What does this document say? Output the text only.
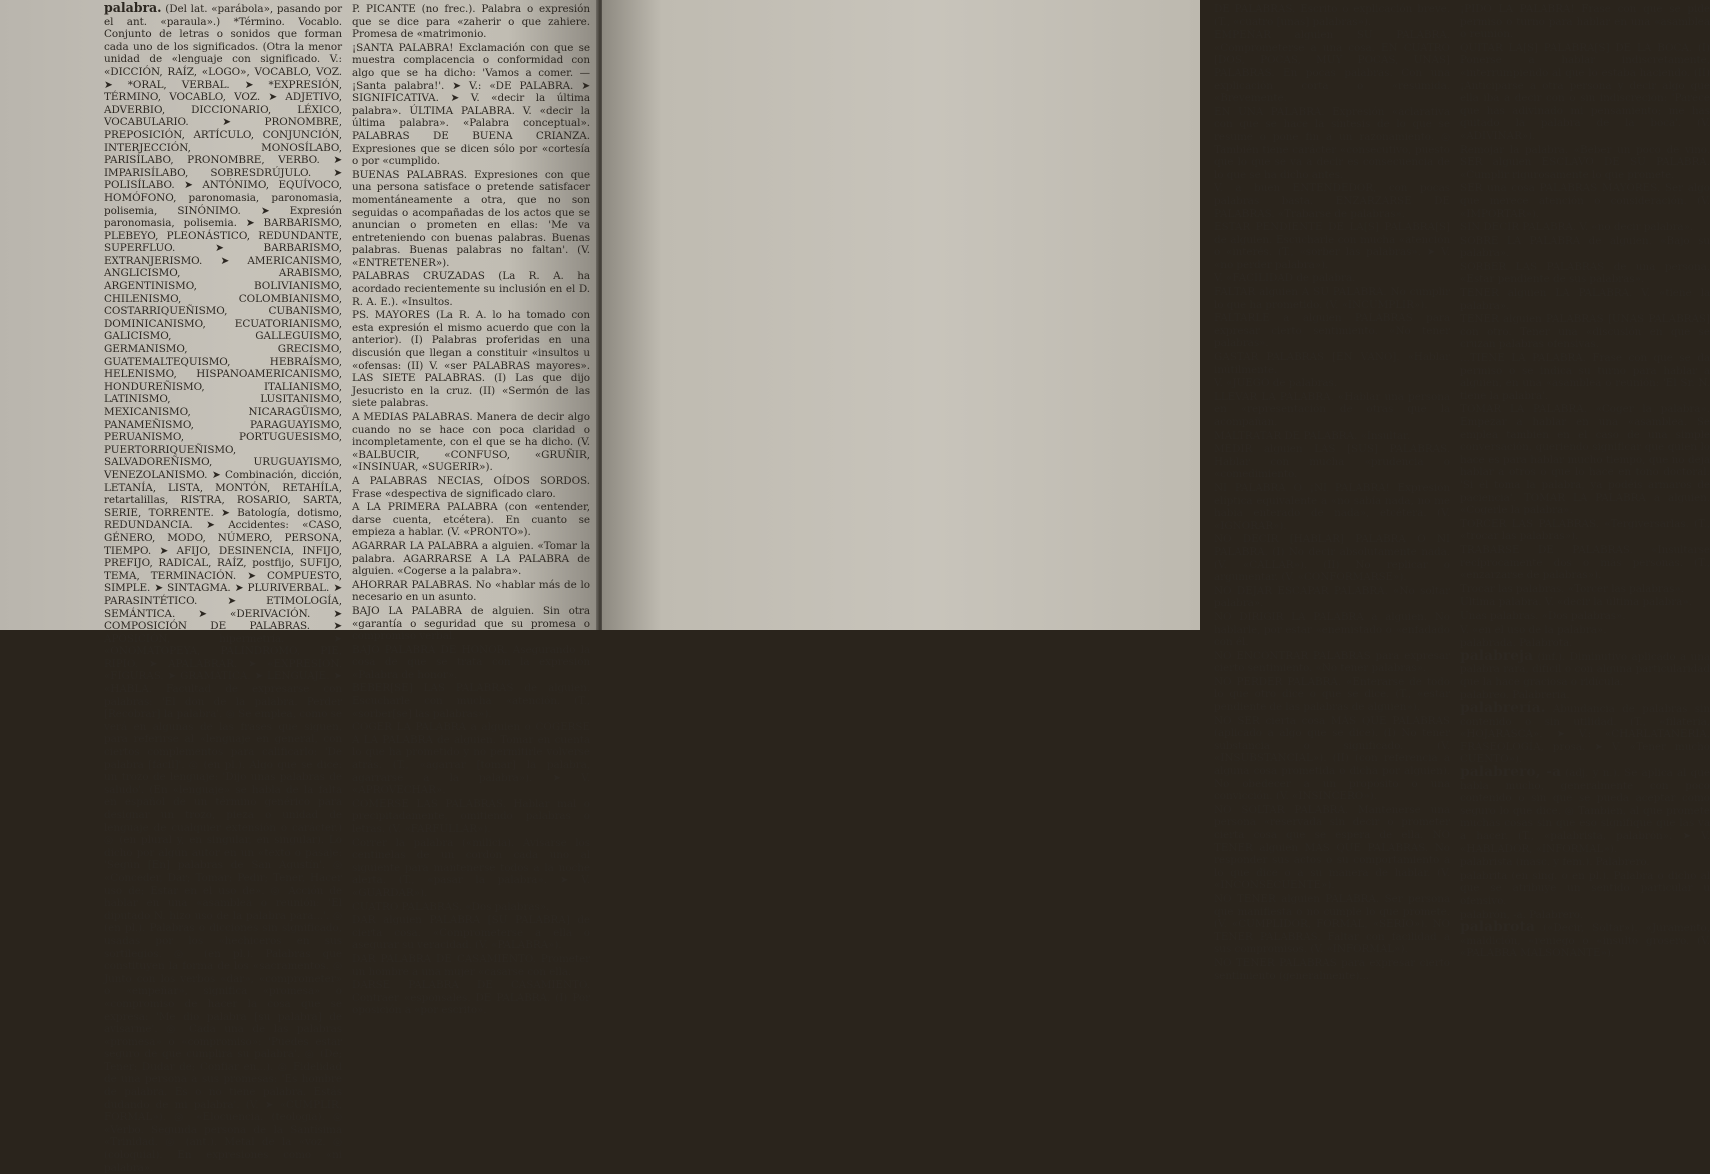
palabra. (Del lat. «parábola», pasando por el ant. «paraula».) *Término. Vocablo. Conjunto de letras o sonidos que forman cada uno de los significados. (Otra la menor unidad de «lenguaje con significado. V.: «DICCIÓN, RAÍZ, «LOGO», VOCABLO, VOZ. ➤ *ORAL, VERBAL. ➤ *EXPRESIÓN, TÉRMINO, VOCABLO, VOZ. ➤ ADJETIVO, ADVERBIO, DICCIONARIO, LÉXICO, VOCABULARIO. ➤ PRONOMBRE, PREPOSICIÓN, ARTÍCULO, CONJUNCIÓN, INTERJECCIÓN, MONOSÍLABO, PARISÍLABO, PRONOMBRE, VERBO. ➤ IMPARISÍLABO, SOBRESDRÚJULO. ➤ POLISÍLABO. ➤ ANTÓNIMO, EQUÍVOCO, HOMÓFONO, paronomasia, paronomasia, polisemia, SINÓNIMO. ➤ Expresión paronomasia, polisemia. ➤ BARBARISMO, PLEBEYO, PLEONÁSTICO, REDUNDANTE, SUPERFLUO. ➤ BARBARISMO, EXTRANJERISMO. ➤ AMERICANISMO, ANGLICISMO, ARABISMO, ARGENTINISMO, BOLIVIANISMO, CHILENISMO, COLOMBIANISMO, COSTARRIQUEÑISMO, CUBANISMO, DOMINICANISMO, ECUATORIANISMO, GALICISMO, GALLEGUISMO, GERMANISMO, GRECISMO, GUATEMALTEQUISMO, HEBRAÍSMO, HELENISMO, HISPANOAMERICANISMO, HONDUREÑISMO, ITALIANISMO, LATINISMO, LUSITANISMO, MEXICANISMO, NICARAGÜISMO, PANAMEÑISMO, PARAGUAYISMO, PERUANISMO, PORTUGUESISMO, PUERTORRIQUEÑISMO, SALVADOREÑISMO, URUGUAYISMO, VENEZOLANISMO. ➤ Combinación, dicción, LETANÍA, LISTA, MONTÓN, RETAHÍLA, retartalillas, RISTRA, ROSARIO, SARTA, SERIE, TORRENTE. ➤ Batología, dotismo, REDUNDANCIA. ➤ Accidentes: «CASO, GÉNERO, MODO, NÚMERO, PERSONA, TIEMPO. ➤ AFIJO, DESINENCIA, INFIJO, PREFIJO, RADICAL, RAÍZ, postfijo, SUFIJO, TEMA, TERMINACIÓN. ➤ COMPUESTO, SIMPLE. ➤ SINTAGMA. ➤ PLURIVERBAL. ➤ PARASINTÉTICO. ➤ ETIMOLOGÍA, SEMÁNTICA. ➤ «DERIVACIÓN. ➤ COMPOSICIÓN DE PALABRAS. ➤ APOSICIÓN, hipermetría. ➤ «ONOMATOPEYA, PALÍNDROMO, PIE, RIPIO. ➤ APALABRAR. ➤ «EXPRESIÓN. «FIGURAS. ➤ GRAMÁTICA. ➤ LENGUAJE. ➤ «HABLA. Facultad de expresarse con palabras: 'El don de la palabra. Perder [Recobrar] la palabra'. ◎ Se emplea, como se verá en algunas de las frases que siguen, para referirse al «lenguaje en general, con ciertos complementos para calificarlo: 'De palabra [fácil]'. ◎ (en pl.). Algo que se dice: un trozo de lenguaje: 'Dijo unas palabras de saludo'. (En «lenguaje» se habla de la falta en español de un término genérico para designar un trozo, pieza o unidad de lenguaje de cualquier extensión o carácter.) ◎ (en plural y, en singular, en singular). Lo dicho por algún autor en un «texto o pasaje: 'Según [En] palabras de San Agustín'. ◎ «Conceder, Dar; Tomar; Pedir; Tener, Hacer uso de; Estar en el uso de». ◎ Acción de hablar en una «asamblea o reunión: 'El diputado N. hizo uso de la palabra para...'. ◎ (en pl.). Palabras o dicciones sin significado, usadas por los «hechiceros en sus sortilegios. ◎ (en pl.). Palabras que constituyen la forma de los «sacramentos. ◎ Junto con los verbos «dar», «comprometer» o «empeñar», significa «promesa» o «compromiso de hacer la cosa que se expresa: 'Me dio palabra [su palabra] de avisarme'. ◎ Cada una de las palabras «promesa» o «compromiso»: 'Puedes estar seguro de que cumplirá su palabra'. ◎ (De; Tener; Dudar de; Confiar en...). ◎ Fidelidad de una persona a sus promesas: 'Es hombre de palabra. Es o no tiene palabra. Estás dudando de mi palabra'. (V. ➤ «CUMPLIR, FORMAL»). ◎ «Elocuencia. (teología). ◎ «Verbo. Segunda persona de la Santísima «Trinidad. ◎ (ant.). Metal de la «voz. ◎ (coloquial). En expresiones como «ni palabra».

P. PICANTE (no frec.). Palabra o expresión que se dice para «zaherir o que zahiere. Promesa de «matrimonio.

¡SANTA PALABRA! Exclamación con que se muestra complacencia o conformidad con algo que se ha dicho: 'Vamos a comer. —¡Santa palabra!'. ➤ V.: «DE PALABRA. ➤ SIGNIFICATIVA. ➤ V. «decir la última palabra». ÚLTIMA PALABRA. V. «decir la última palabra». «Palabra conceptual». PALABRAS DE BUENA CRIANZA. Expresiones que se dicen sólo por «cortesía o por «cumplido.

BUENAS PALABRAS. Expresiones con que una persona satisface o pretende satisfacer momentáneamente a otra, que no son seguidas o acompañadas de los actos que se anuncian o prometen en ellas: 'Me va entreteniendo con buenas palabras. Buenas palabras. Buenas palabras no faltan'. (V. «ENTRETENER»).

PALABRAS CRUZADAS (La R. A. ha acordado recientemente su inclusión en el D. R. A. E.). «Insultos.

PS. MAYORES (La R. A. lo ha tomado con esta expresión el mismo acuerdo que con la anterior). (I) Palabras proferidas en una discusión que llegan a constituir «insultos u «ofensas: (II) V. «ser PALABRAS mayores». LAS SIETE PALABRAS. (I) Las que dijo Jesucristo en la cruz. (II) «Sermón de las siete palabras.

A MEDIAS PALABRAS. Manera de decir algo cuando no se hace con poca claridad o incompletamente, con el que se ha dicho. (V. «BALBUCIR, «CONFUSO, «GRUÑIR, «INSINUAR, «SUGERIR»).

A PALABRAS NECIAS, OÍDOS SORDOS. Frase «despectiva de significado claro.

A LA PRIMERA PALABRA (con «entender, darse cuenta, etcétera). En cuanto se empieza a hablar. (V. «PRONTO»).

AGARRAR LA PALABRA a alguien. «Tomar la palabra. AGARRARSE A LA PALABRA de alguien. «Cogerse a la palabra».

AHORRAR PALABRAS. No «hablar más de lo necesario en un asunto.

BAJO LA PALABRA de alguien. Sin otra «garantía o seguridad que su promesa o compromiso verbal.

BAJO PALABRA DE HONOR. Asegurando la cosa de que se trata con la expresión «Palabra de honor».

BEBER[SE] LAS PALABRAS de alguien. Escucharle con mucha «atención. (T., «sorber[se] las palabras»).

COGER LA PALABRA a alguien o COGERSE A LA PALABRA de alguien. Tomar en cuenta lo que ha prometido y no permitirle volverse atrás. (T., «agarrar [tomar] la palabra, agarrarse a la palabra»). ➤ V. «APROVECHAR».

COMERSE LAS PALABRAS. Hablar mal o precipitadamente, omitiendo palabras o letras. (V. «FARFULLAR»).

Correr la palabra («milicia). Avisarse los centinelas de un cordón cada uno al siguiente para mantenerse todos a la noche alerta. (T., «pasar la palabra». ➤ V. «GUARDAR»).

CUATRO PALABRAS. «Dos palabras».

DAR alguien PALABRA [SU PALABRA] de cierta cosa. «Comprometerse a ella o asegurar su veracidad. (V. «PALABRA»).

DAR PALABRA DE CASAMIENTO. Prometer un hombre a una mujer «casarse con ella.

DARSE PALABRA DE CASAMIENTO. Contraer «esponsales. DE PALABRA. (I) Por oposición a «por escrito».

DE PALABRAS. Escrito o explicación breve. (T., «cuatro [unas] palabras»).

EMPEÑAR alguien SU PALABRA. «Comprometerse a una cosa. EN CUATRO [DOS, POCAS, MUY POCAS, UNAS] PALABRAS. En pocas palabras. Con una explicación corta o «resumida. «Brevemente.

EN UNA PALABRA. Expresión «aclarativa con que se hace la síntesis de lo que se resume o pone fin a un razonamiento. ◎ También tiene carácter «consecutivo, puesto que lo que se va a decir es consecuencia de lo que se ha dicho antes.

V. a buen ENTENDEDOR, con pocas palabras basta. ENZARZARSE DE PALABRAS. «Trabarse de palabras».

ESTAR PENDIENTE DE LA[S] PALABRA[S] de alguien. Escucharle con mucha «atención o «interés. (T., «sorber las palabras». ➤ V. «no perder palabra»).

V. «FACILIDAD de palabra.

FALTAR alguien A SU PALABRA. No cumplir lo que ha prometido. (V. «INCUMPLIR»).

FALTARLE a alguien PALABRAS para expresar cierto sentimiento. «No tener palabras».

GASTAR PALABRAS [EN VANO]. «Hablar inútilmente.

V. «JUEGO de palabras.

LLEVAR LA PALABRA. «Hablar una persona en «representación de otras que la acompañan.

MALTRATAR DE PALABRA. «Insultar.

MEDIR alguien LAS [SUS] PALABRAS. Hablar con mucha «prudencia o «comedimiento.

NI PALABRA O ¡NI PALABRA! Expresión elíptica equivalente a «no sabía nada, no me había enterado de nada», etcétera. (V. «IGNORAR»).

NO DECIR [HABLAR] PALABRA O NI PALABRA. (I) No decir absolutamente nada. (V. «CALLAR»). (II) No replicar o argumentar. (V. «CONFORMARSE»).

NO DEJAR ESCAPAR PALABRA. «No soltar palabra».

NO DIRIGIR LA PALABRA a alguien. No hablarle, por estar «enemistado o «enfadado con él.

NO ENCONTRAR PALABRAS para expresar cierto sentimiento. «No tener palabras».

NO PERDER PALABRA. «Enterarse de todo lo que otro dice o que se dice. (T., «estar pendiente de las palabras de alguien»).

NO SER cierta cosa MÁS QUE PALABRAS (aplicado a algo que se dice). (I) No tener substancia o significado. (V. «INSUBSTANCIAL»). (II) (con referencia a alguna cosa prometida o dicha por alguien). No obedecer a un propósito o una convicción. (V. «INSINCERO»).

NO SOLTAR PALABRA. Mantenerse una persona «reservada sin decir o prometer cierta cosa que se espera de ella. NO TENER alguien MÁS QUE PALABRAS. No responder sus actos o su comportamiento a lo que dice o a su manera de hablar. (V. «INCONSECUENTE»).

NO TENER alguien PALABRA. Ser persona que manifiesta o no cumple lo que promete. (V. «CUMPLIDOR, FORMAL, «SERIO»). NO TENER PALABRAS. Faltar con facilidad a sus compromisos. (V. «INFORMAL»).

NO TENER PALABRAS para expresar cierto sentimiento (generalmente)...

¡PIDO LA PALABRA! Frase con que se pide permiso o turno para hablar en una «asamblea o reunión.

QUITAR LA[S] PALABRA[S] DE LA BOCA. (I) Ponerse a hablar indiscretamente, «interrumpiendo al que lo estaba haciendo. (II) ¡Anticiparse a otra persona y decir algo que ella iba a decir con o sin indiscreción: 'Parece que has adivinado mi pensamiento; me has quitado la palabra de la boca'. (V. «ADIVINAR»).

Remojar la palabra. «Beber un poco de vino. SER alguien ESCLAVO DE SU PALABRA. «Cumplir rigurosamente lo que promete.

SER una cosa PALABRAS MAYORES. Ser algo que merece atención o consideración. (V. «IMPORTAR»).

SIN DECIR PALABRA. V. «no decir palabra».

SOBRE LA PALABRA de alguien. «Bajo su palabra».

SORBER LAS PALABRAS de una persona. «Estar pendiente de sus palabras».

TENER alguien LA PALABRA. V. «tiene la palabra».

TENER alguien PALABRAS [UNAS PALABRAS] con otro. Tener una «discusión en que se cruzan palabras ofensivas.

...TIENE LA PALABRA. Frase con que se da permiso o se indica su turno para hablar a alguien, en una «asamblea o reunión: 'El Sr. N. tiene la palabra'.

TOMAR LA PALABRA. «Coger la palabra». Empezar a hablar en una «asamblea. Se emplea también en el caso de una simple conversación, queriendo significar que quien lo hace es para hablar mucho tiempo, que no deja hablar a otros o que lo hace en tono doctoral: 'Si él toma la palabra, ya podéis armaros de paciencia'. TOMAR LA PALABRA a alguien. «Cogerle la palabra».

TORCER LAS PALABRAS. «Tergiversarlas. (T., «trocar las palabras»).

TRABARSE DE PALABRAS. «Insultarse recíprocamente dos o más personas. (T., «enzarzarse de palabras»).

Trocar las palabras. «Torcer las palabras».

Última palabra. V. «decir la última palabra».

Unas palabras. «Dos palabras».

V. «en el uso de la palabra».

palabrada. Palabrota.

palabreja (inf.). Diminutivo aplicado a una palabra rara, difícil o con alguna particularidad que la hace graciosa o ridícula.

palabreo. Palabrería.

palabrería. Abundancia de palabras sin contenido o sin utilidad. (T., «filatería, «HOJARASCA». ➤ V.: «CHARLATANERÍA, FRASEOLOGÍA, prosa. ➤ V. «Tener mucho CUENTO»).

palabrero, -a (adj. y n.). Se aplica al que habla mucho, generalmente con poco contenido o sin que se pueda aceptar como seguro lo que dice. ◎ También, al que promete muchas cosas sin que eso signifique que las va a hacer. (T., «palabrista, palabrón». ➤ V. «HABLADOR, «INFORMAL»).

palabrista (masc. y fem.). Palabrero.

palabrita (en sing. o en pl.). Palabra o dicho al que se atribuye un sentido particular u ofensivo.

palabrón, -a. Palabrero.

palabrota («Decir, Soltar»). «Juramento, «maldición, «reniego o «insulto grosero. (V. «PALABRA MALSONANTE»).
